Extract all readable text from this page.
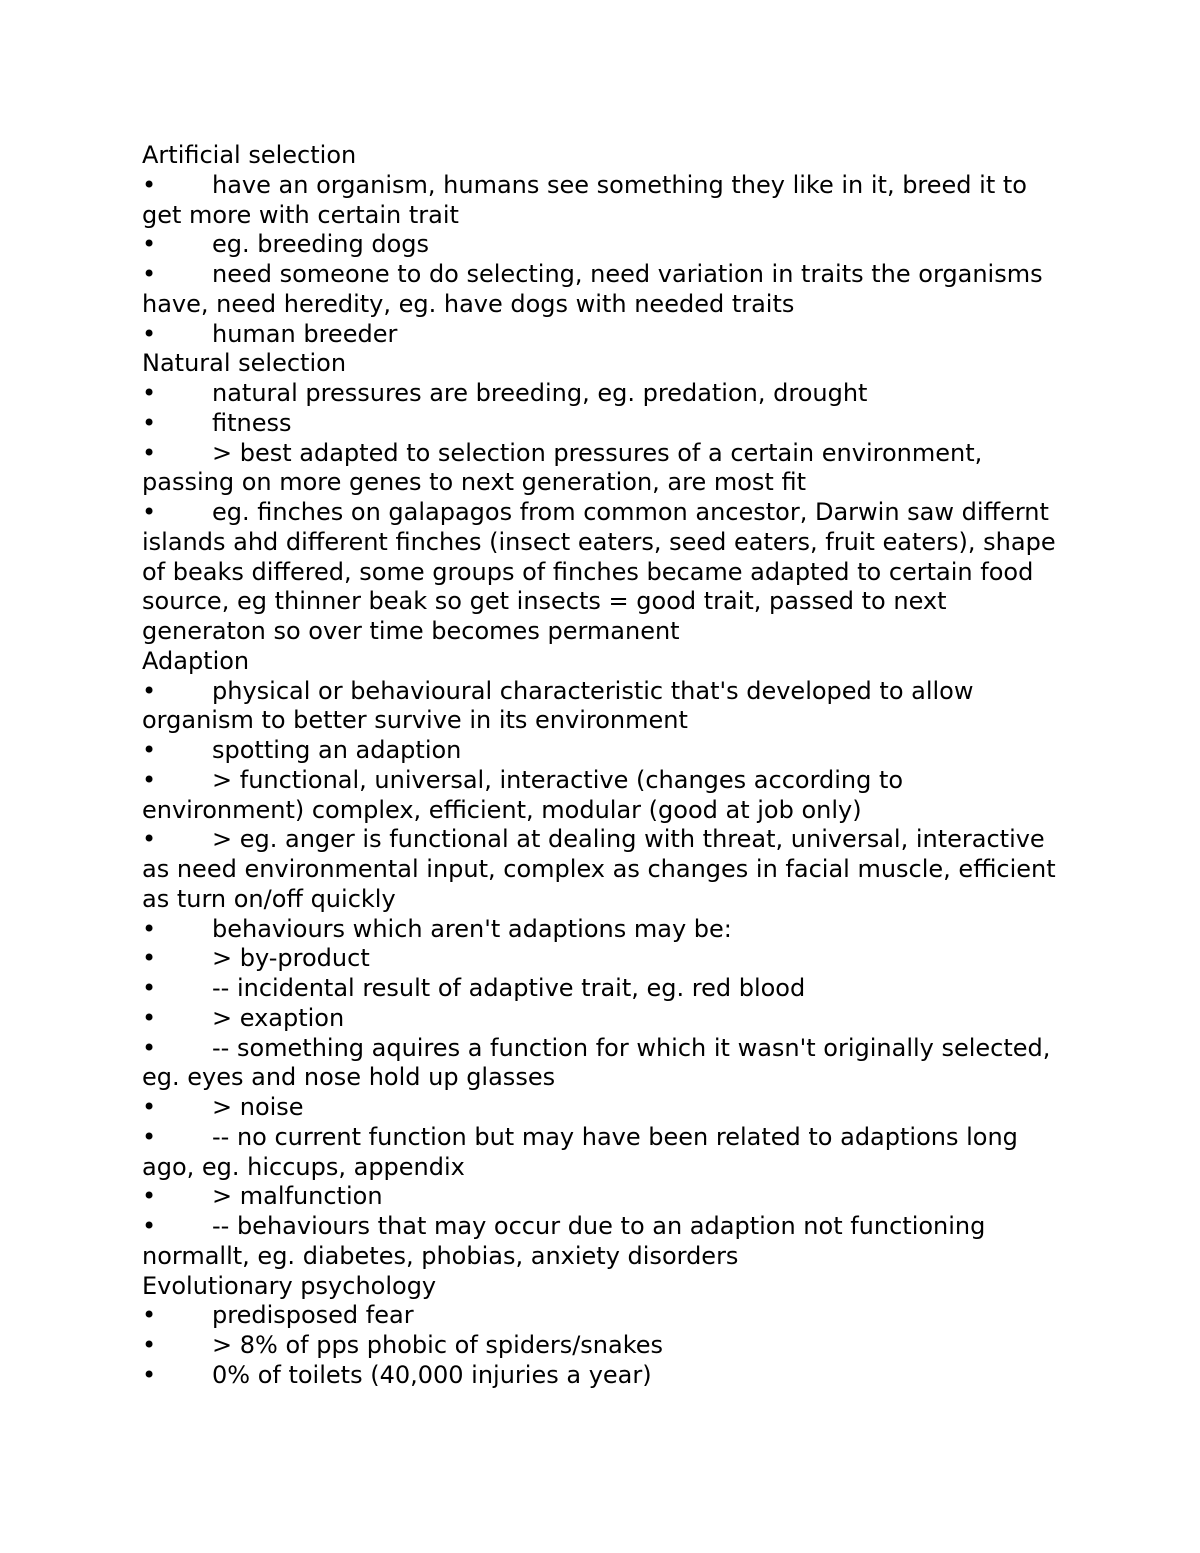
Artificial selection
• have an organism, humans see something they like in it, breed it to get more with certain trait
• eg. breeding dogs
• need someone to do selecting, need variation in traits the organisms have, need heredity, eg. have dogs with needed traits
• human breeder
Natural selection
• natural pressures are breeding, eg. predation, drought
• fitness
• > best adapted to selection pressures of a certain environment, passing on more genes to next generation, are most fit
• eg. finches on galapagos from common ancestor, Darwin saw differnt islands ahd different finches (insect eaters, seed eaters, fruit eaters), shape of beaks differed, some groups of finches became adapted to certain food source, eg thinner beak so get insects = good trait, passed to next generaton so over time becomes permanent
Adaption
• physical or behavioural characteristic that's developed to allow organism to better survive in its environment
• spotting an adaption
• > functional, universal, interactive (changes according to environment) complex, efficient, modular (good at job only)
• > eg. anger is functional at dealing with threat, universal, interactive as need environmental input, complex as changes in facial muscle, efficient as turn on/off quickly
• behaviours which aren't adaptions may be:
• > by-product
• -- incidental result of adaptive trait, eg. red blood
• > exaption
• -- something aquires a function for which it wasn't originally selected, eg. eyes and nose hold up glasses
• > noise
• -- no current function but may have been related to adaptions long ago, eg. hiccups, appendix
• > malfunction
• -- behaviours that may occur due to an adaption not functioning normallt, eg. diabetes, phobias, anxiety disorders
Evolutionary psychology
• predisposed fear
• > 8% of pps phobic of spiders/snakes
• 0% of toilets (40,000 injuries a year)
